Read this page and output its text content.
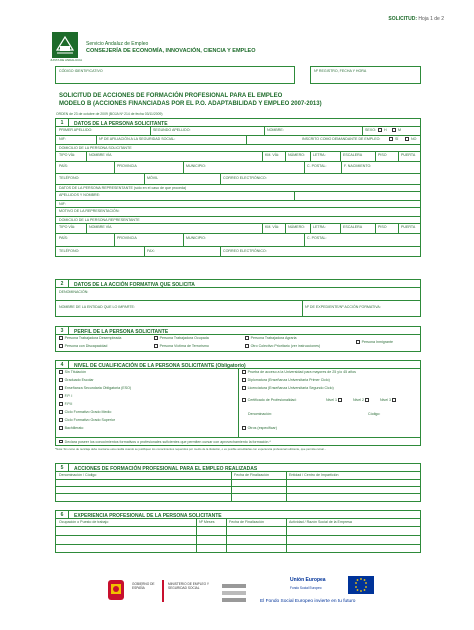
SOLICITUD: Hoja 1 de 2
JUNTA DE ANDALUCIA
Servicio Andaluz de Empleo
CONSEJERÍA DE ECONOMÍA, INNOVACIÓN, CIENCIA Y EMPLEO
CÓDIGO IDENTIFICATIVO	Nº REGISTRO, FECHA Y HORA
SOLICITUD DE ACCIONES DE FORMACIÓN PROFESIONAL PARA EL EMPLEO
MODELO B (ACCIONES FINANCIADAS POR EL P.O. ADAPTABILIDAD Y EMPLEO 2007-2013)
ORDEN de 23 de octubre de 2009 (BOJA Nº 214 de fecha 03/11/2009)
1	DATOS DE LA PERSONA SOLICITANTE
PRIMER APELLIDO:	SEGUNDO APELLIDO:	NOMBRE:	SEXO:	H	M
NIF:	Nº DE AFILIACIÓN A LA SEGURIDAD SOCIAL:	INSCRITO COMO DEMANDANTE DE EMPLEO:	SÍ	NO
DOMICILIO DE LA PERSONA SOLICITANTE
TIPO VÍA:	NOMBRE VÍA	KM. VÍA: NÚMERO: LETRA:	ESCALERA	PISO	PUERTA
PAÍS:	PROVINCIA	MUNICIPIO:	C. POSTAL:	F. NACIMIENTO:
TELÉFONO:	MÓVIL	CORREO ELECTRÓNICO:
DATOS DE LA PERSONA REPRESENTANTE (sólo en el caso de que proceda)
APELLIDOS Y NOMBRE:
NIF:
MOTIVO DE LA REPRESENTACIÓN:
DOMICILIO DE LA PERSONA REPRESENTANTE
TIPO VÍA:	NOMBRE VÍA	KM. VÍA: NÚMERO: LETRA:	ESCALERA	PISO	PUERTA
PAÍS:	PROVINCIA	MUNICIPIO:	C. POSTAL:
TELÉFONO:	FAX:	CORREO ELECTRÓNICO:
2	DATOS DE LA ACCIÓN FORMATIVA QUE SOLICITA
DENOMINACIÓN:
NOMBRE DE LA ENTIDAD QUE LO IMPARTE:	Nº DE EXPEDIENTE/Nº ACCIÓN FORMATIVA:
3	PERFIL DE LA PERSONA SOLICITANTE
Persona Trabajadora Desempleada	Persona Trabajadora Ocupada	Persona Trabajadora Agraria
Persona Inmigrante
Persona con Discapacidad	Persona Víctima de Terrorismo	Otro Colectivo Prioritario (ver instrucciones)
4	NIVEL DE CUALIFICACIÓN DE LA PERSONA SOLICITANTE (Obligatorio)
Sin Titulación
Graduado Escolar
Enseñanza Secundaria Obligatoria (ESO)
F.P. I
F.P.II
Ciclo Formativo Grado Medio
Ciclo Formativo Grado Superior
Bachillerato
Prueba de acceso a la Universidad para mayores de 25 y/o 45 años
Diplomatura (Enseñanza Universitaria Primer Ciclo)
Licenciatura (Enseñanza Universitaria Segundo Ciclo)
Certificado de Profesionalidad:	Nivel 1	Nivel 2	Nivel 3
Denominación:	Código:
Otros (especificar)
Declara poseer los conocimientos formativos o profesionales suficientes que permiten cursar con aprovechamiento la formación.*
*Nota: Sin curso de reciclaje debe marcarse esta casilla cuando se justifiquen los conocimientos requeridos por medio de la titulación, o es posible acreditarlas con experiencia profesional suficiente, que permita cursar...
5	ACCIONES DE FORMACIÓN PROFESIONAL PARA EL EMPLEO REALIZADAS
Denominación / Código	Fecha de Finalización	Entidad / Centro de Impartición
6	EXPERIENCIA PROFESIONAL DE LA PERSONA SOLICITANTE
Ocupación o Puesto de trabajo	Nº Meses	Fecha de Finalización	Actividad / Razón Social de la Empresa
GOBIERNO DE ESPAÑA
MINISTERIO DE EMPLEO Y SEGURIDAD SOCIAL
Unión Europea
Fondo Social Europeo
El Fondo Social Europeo invierte en tu futuro
